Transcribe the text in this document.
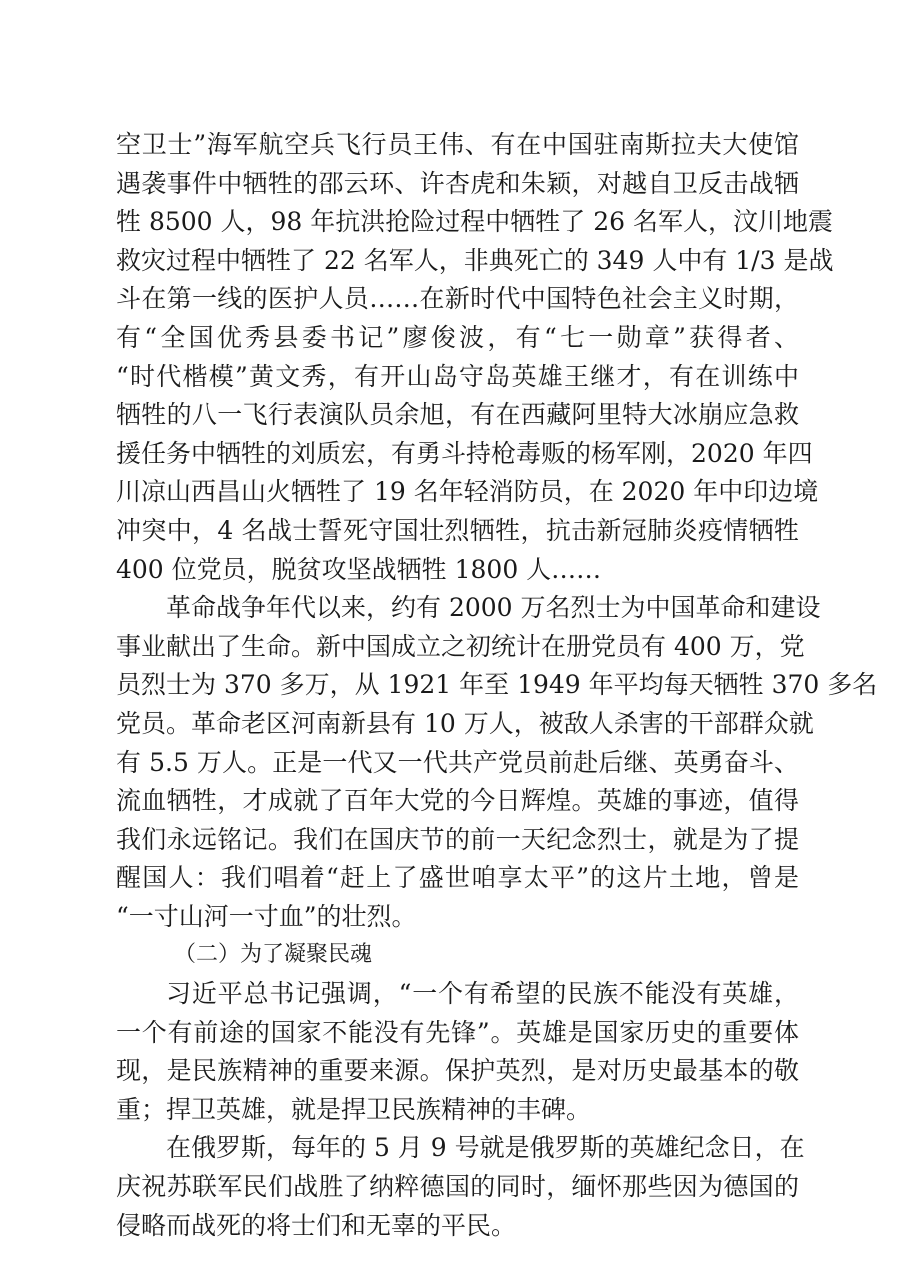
空卫士”海军航空兵飞行员王伟、有在中国驻南斯拉夫大使馆
遇袭事件中牺牲的邵云环、许杏虎和朱颖，对越自卫反击战牺
牲 8500 人，98 年抗洪抢险过程中牺牲了 26 名军人，汶川地震
救灾过程中牺牲了 22 名军人，非典死亡的 349 人中有 1/3 是战
斗在第一线的医护人员……在新时代中国特色社会主义时期，
有“全国优秀县委书记”廖俊波，有“七一勋章”获得者、
“时代楷模”黄文秀，有开山岛守岛英雄王继才，有在训练中
牺牲的八一飞行表演队员余旭，有在西藏阿里特大冰崩应急救
援任务中牺牲的刘质宏，有勇斗持枪毒贩的杨军刚，2020 年四
川凉山西昌山火牺牲了 19 名年轻消防员，在 2020 年中印边境
冲突中，4 名战士誓死守国壮烈牺牲，抗击新冠肺炎疫情牺牲
400 位党员，脱贫攻坚战牺牲 1800 人……
革命战争年代以来，约有 2000 万名烈士为中国革命和建设
事业献出了生命。新中国成立之初统计在册党员有 400 万，党
员烈士为 370 多万，从 1921 年至 1949 年平均每天牺牲 370 多名
党员。革命老区河南新县有 10 万人，被敌人杀害的干部群众就
有 5.5 万人。正是一代又一代共产党员前赴后继、英勇奋斗、
流血牺牲，才成就了百年大党的今日辉煌。英雄的事迹，值得
我们永远铭记。我们在国庆节的前一天纪念烈士，就是为了提
醒国人：我们唱着“赶上了盛世咱享太平”的这片土地，曾是
“一寸山河一寸血”的壮烈。
（二）为了凝聚民魂
习近平总书记强调，“一个有希望的民族不能没有英雄，
一个有前途的国家不能没有先锋”。英雄是国家历史的重要体
现，是民族精神的重要来源。保护英烈，是对历史最基本的敬
重；捍卫英雄，就是捍卫民族精神的丰碑。
在俄罗斯，每年的 5 月 9 号就是俄罗斯的英雄纪念日，在
庆祝苏联军民们战胜了纳粹德国的同时，缅怀那些因为德国的
侵略而战死的将士们和无辜的平民。
